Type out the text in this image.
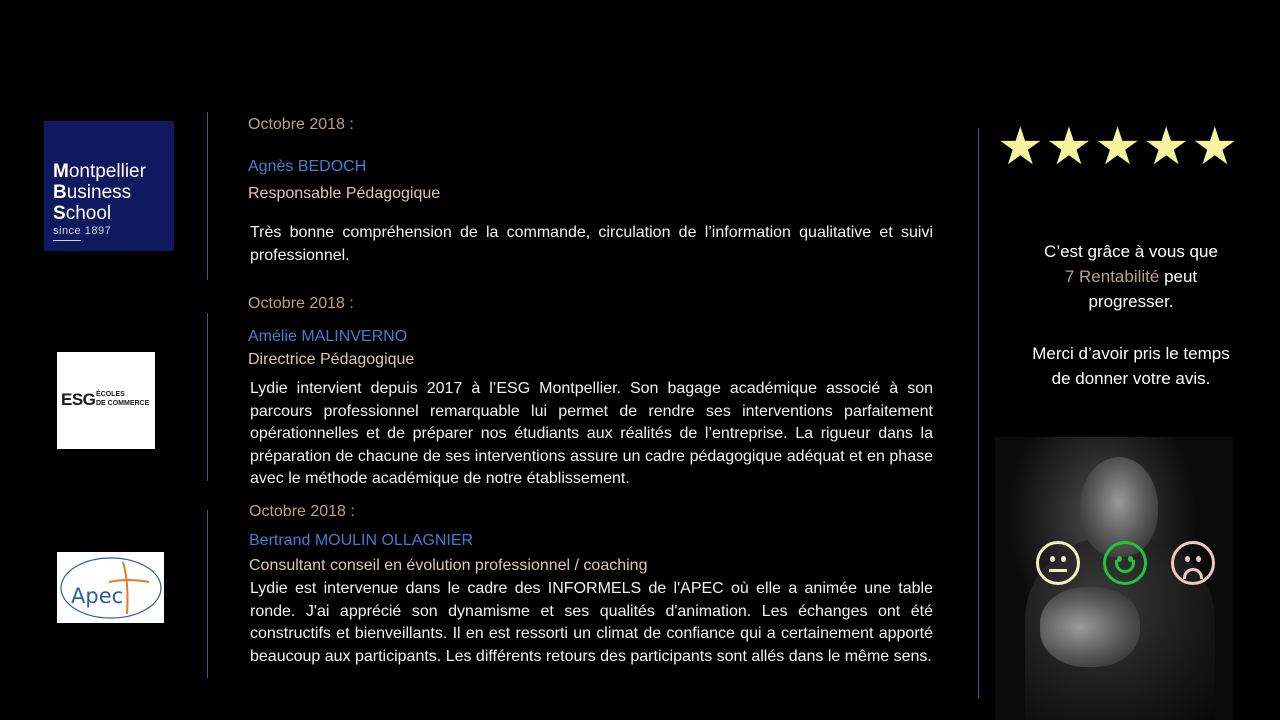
Montpellier
Business
School
since 1897
ESG ÉCOLES
DE COMMERCE
Apec
Octobre 2018 :
Agnès BEDOCH
Responsable Pédagogique
Très bonne compréhension de la commande, circulation de l’information qualitative et suivi professionnel.
Octobre 2018 :
Amélie MALINVERNO
Directrice Pédagogique
Lydie intervient depuis 2017 à l’ESG Montpellier. Son bagage académique associé à son parcours professionnel remarquable lui permet de rendre ses interventions parfaitement opérationnelles et de préparer nos étudiants aux réalités de l’entreprise. La rigueur dans la préparation de chacune de ses interventions assure un cadre pédagogique adéquat et en phase avec le méthode académique de notre établissement.
Octobre 2018 :
Bertrand MOULIN OLLAGNIER
Consultant conseil en évolution professionnel / coaching
Lydie est intervenue dans le cadre des INFORMELS de l'APEC où elle a animée une table ronde. J'ai apprécié son dynamisme et ses qualités d'animation. Les échanges ont été constructifs et bienveillants. Il en est ressorti un climat de confiance qui a certainement apporté beaucoup aux participants. Les différents retours des participants sont allés dans le même sens.
★ ★ ★ ★ ★
C’est grâce à vous que
7 Rentabilité peut
progresser.
Merci d’avoir pris le temps
de donner votre avis.
